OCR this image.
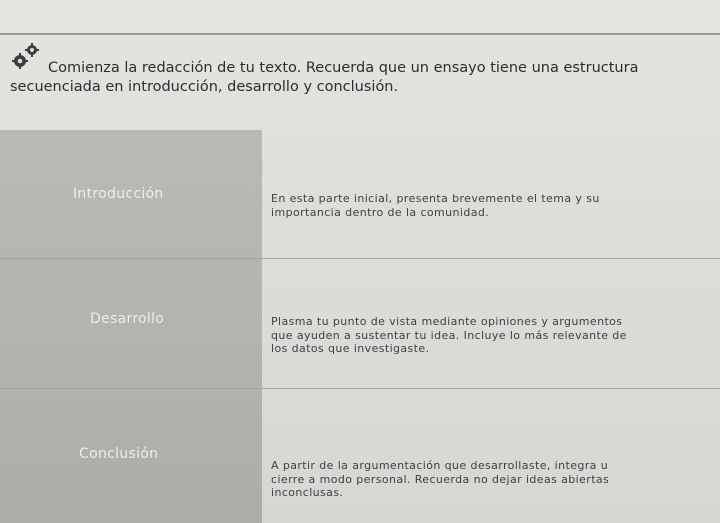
Comienza la redacción de tu texto. Recuerda que un ensayo tiene una estructura
secuenciada en introducción, desarrollo y conclusión.
Introducción	En esta parte inicial, presenta brevemente el tema y su
importancia dentro de la comunidad.
Desarrollo	Plasma tu punto de vista mediante opiniones y argumentos
que ayuden a sustentar tu idea. Incluye lo más relevante de
los datos que investigaste.
Conclusión
A partir de la argumentación que desarrollaste, integra u
cierre a modo personal. Recuerda no dejar ideas abiertas
inconclusas.
